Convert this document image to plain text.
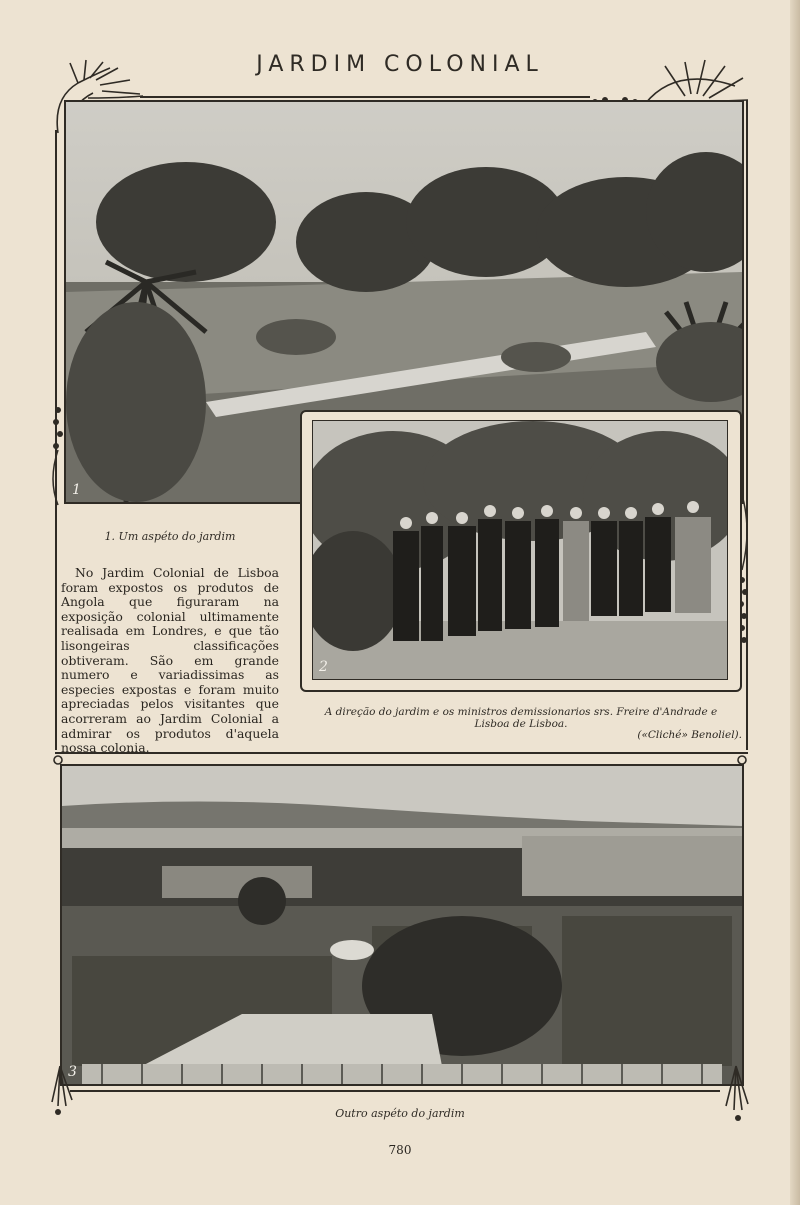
JARDIM COLONIAL
1
2
1. Um aspéto do jardim
No Jardim Colonial de Lisboa foram expostos os produtos de Angola que figuraram na exposição colonial ultimamente realisada em Londres, e que tão lisongeiras classificações obtiveram. São em grande numero e variadissimas as especies expostas e foram muito apreciadas pelos visitantes que acorreram ao Jardim Colonial a admirar os produtos d'aquela nossa colonia.
A direção do jardim e os ministros demissionarios srs. Freire d'Andrade e
Lisboa de Lisboa.
(«Cliché» Benoliel).
3
Outro aspéto do jardim
780
